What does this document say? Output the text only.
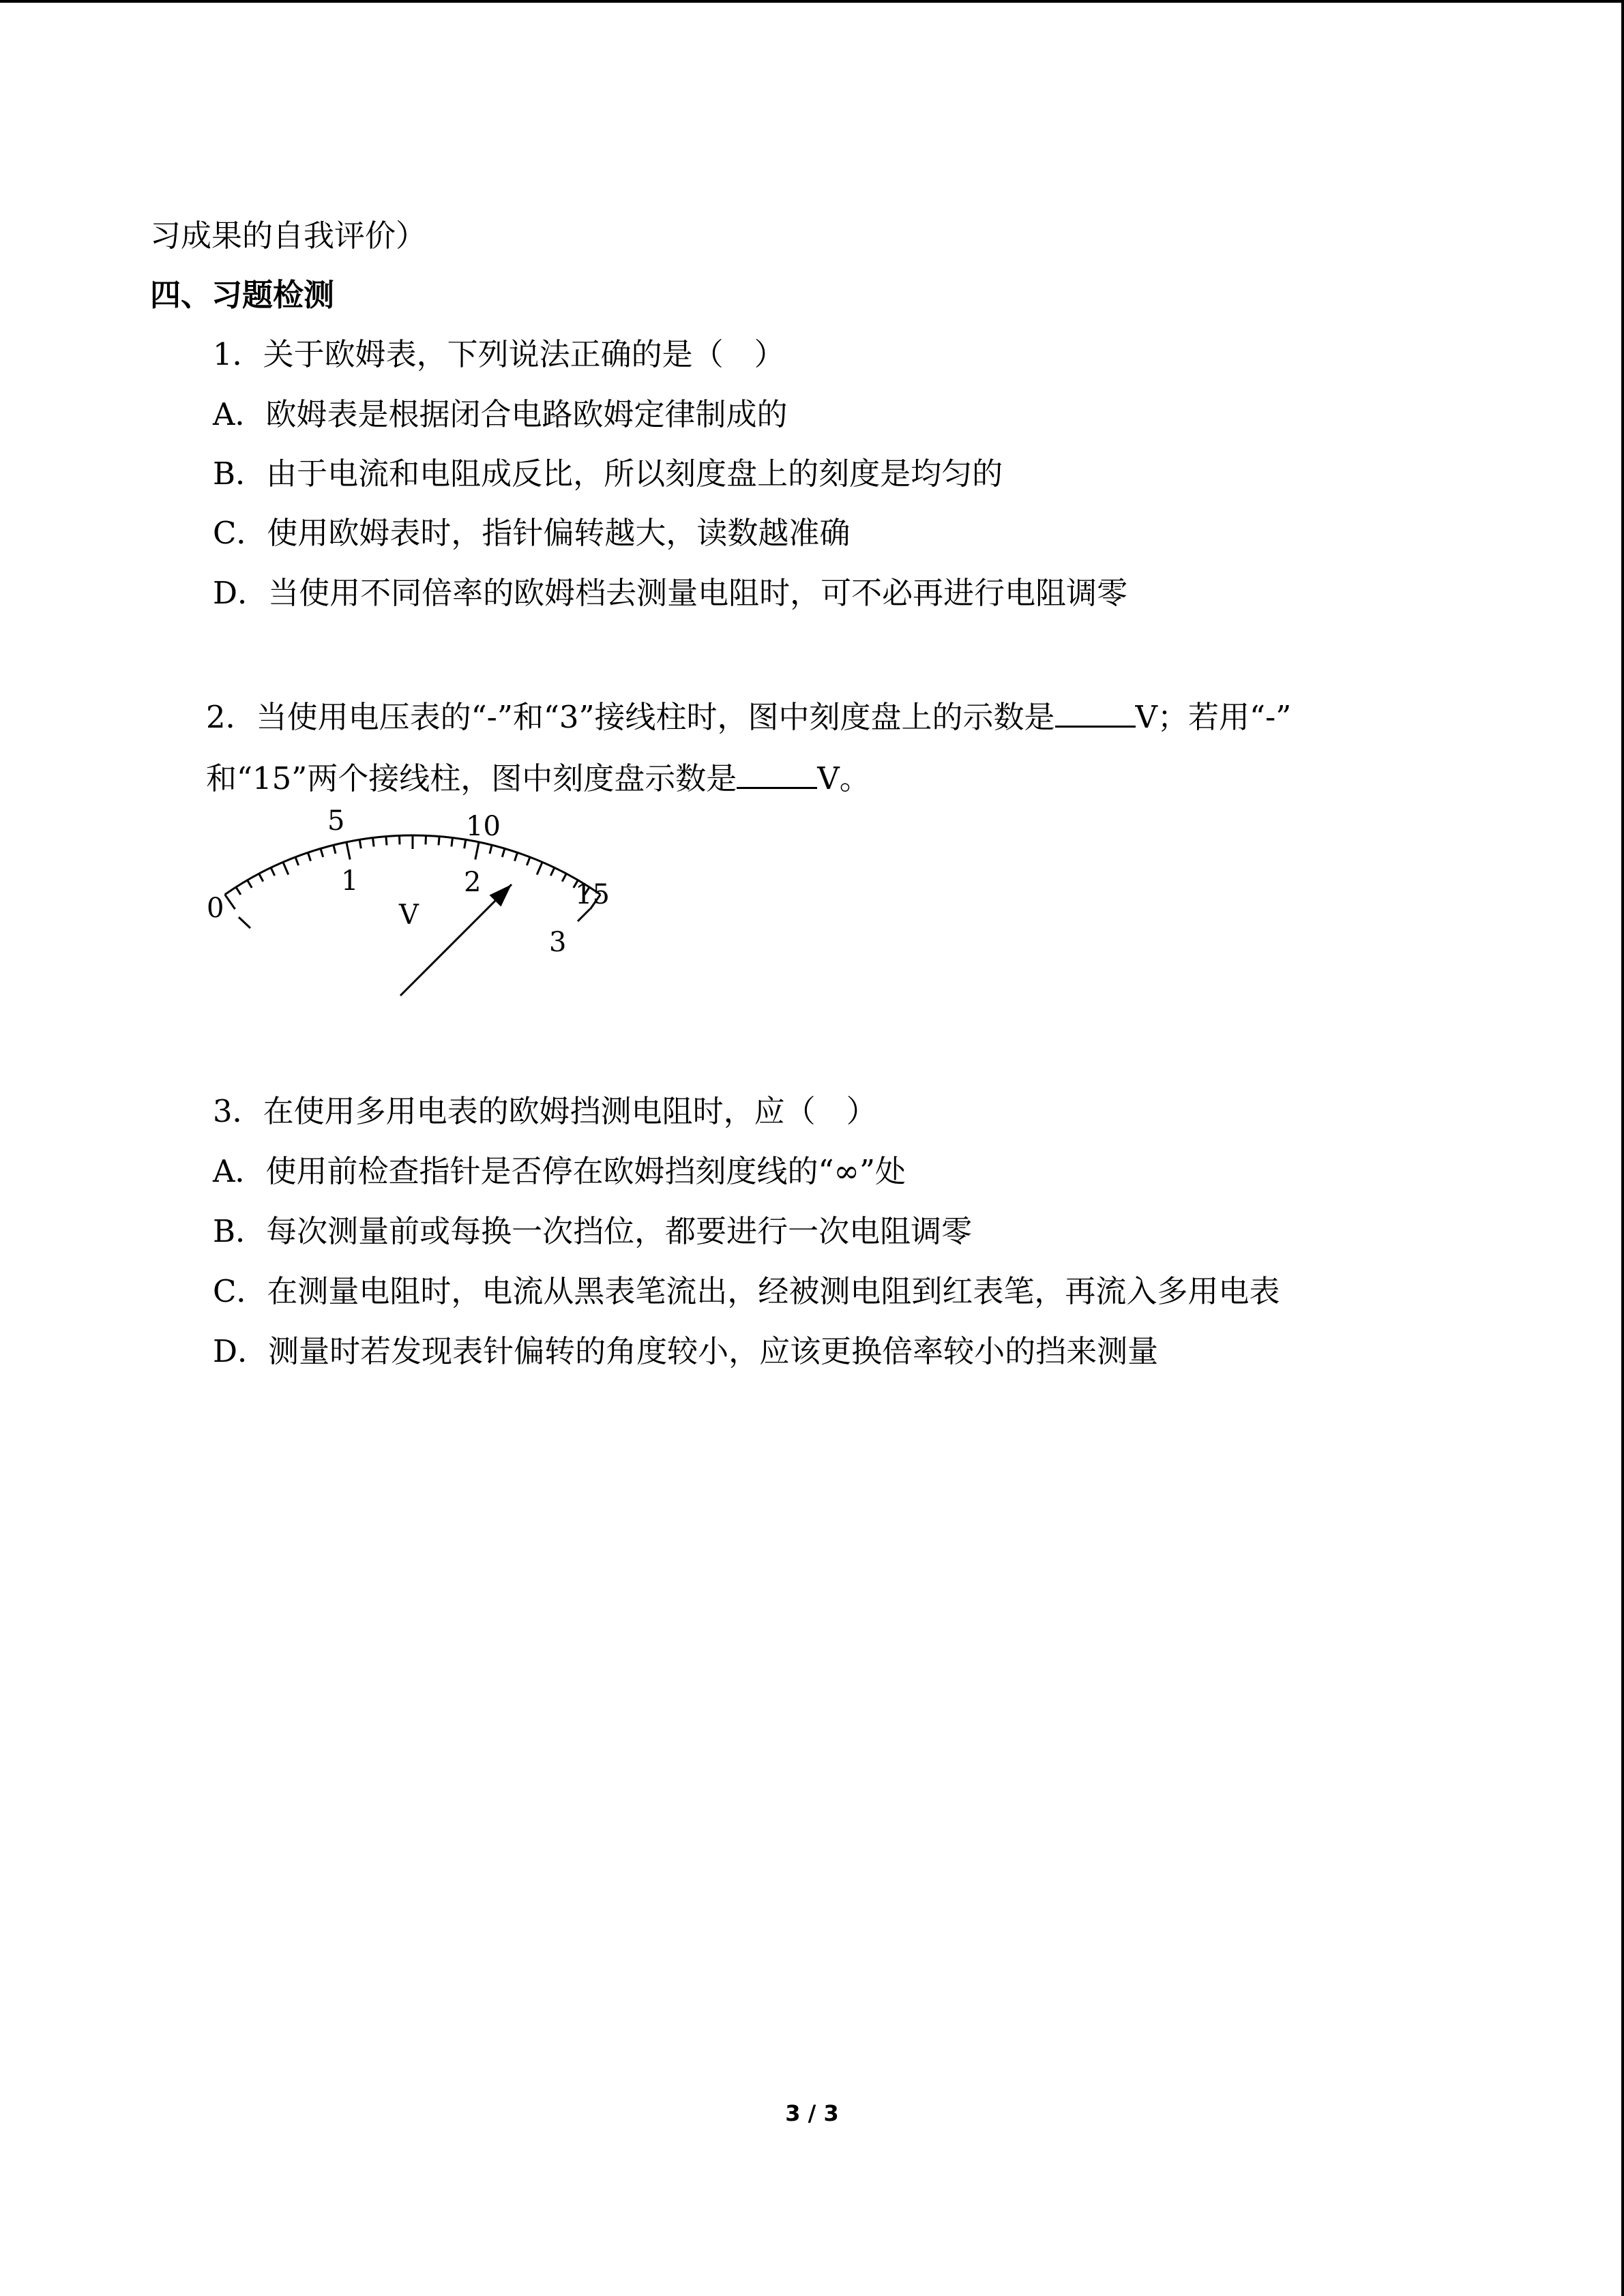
习成果的自我评价）
四、习题检测
1．关于欧姆表，下列说法正确的是（　）
A．欧姆表是根据闭合电路欧姆定律制成的
B．由于电流和电阻成反比，所以刻度盘上的刻度是均匀的
C．使用欧姆表时，指针偏转越大，读数越准确
D．当使用不同倍率的欧姆档去测量电阻时，可不必再进行电阻调零
2．当使用电压表的“-”和“3”接线柱时，图中刻度盘上的示数是	V；若用“-”
和“15”两个接线柱，图中刻度盘示数是	V。
V
5	10
15
0
1	2
3
3．在使用多用电表的欧姆挡测电阻时，应（　）
A．使用前检查指针是否停在欧姆挡刻度线的“∞”处
B．每次测量前或每换一次挡位，都要进行一次电阻调零
C．在测量电阻时，电流从黑表笔流出，经被测电阻到红表笔，再流入多用电表
D．测量时若发现表针偏转的角度较小，应该更换倍率较小的挡来测量
3 / 3
